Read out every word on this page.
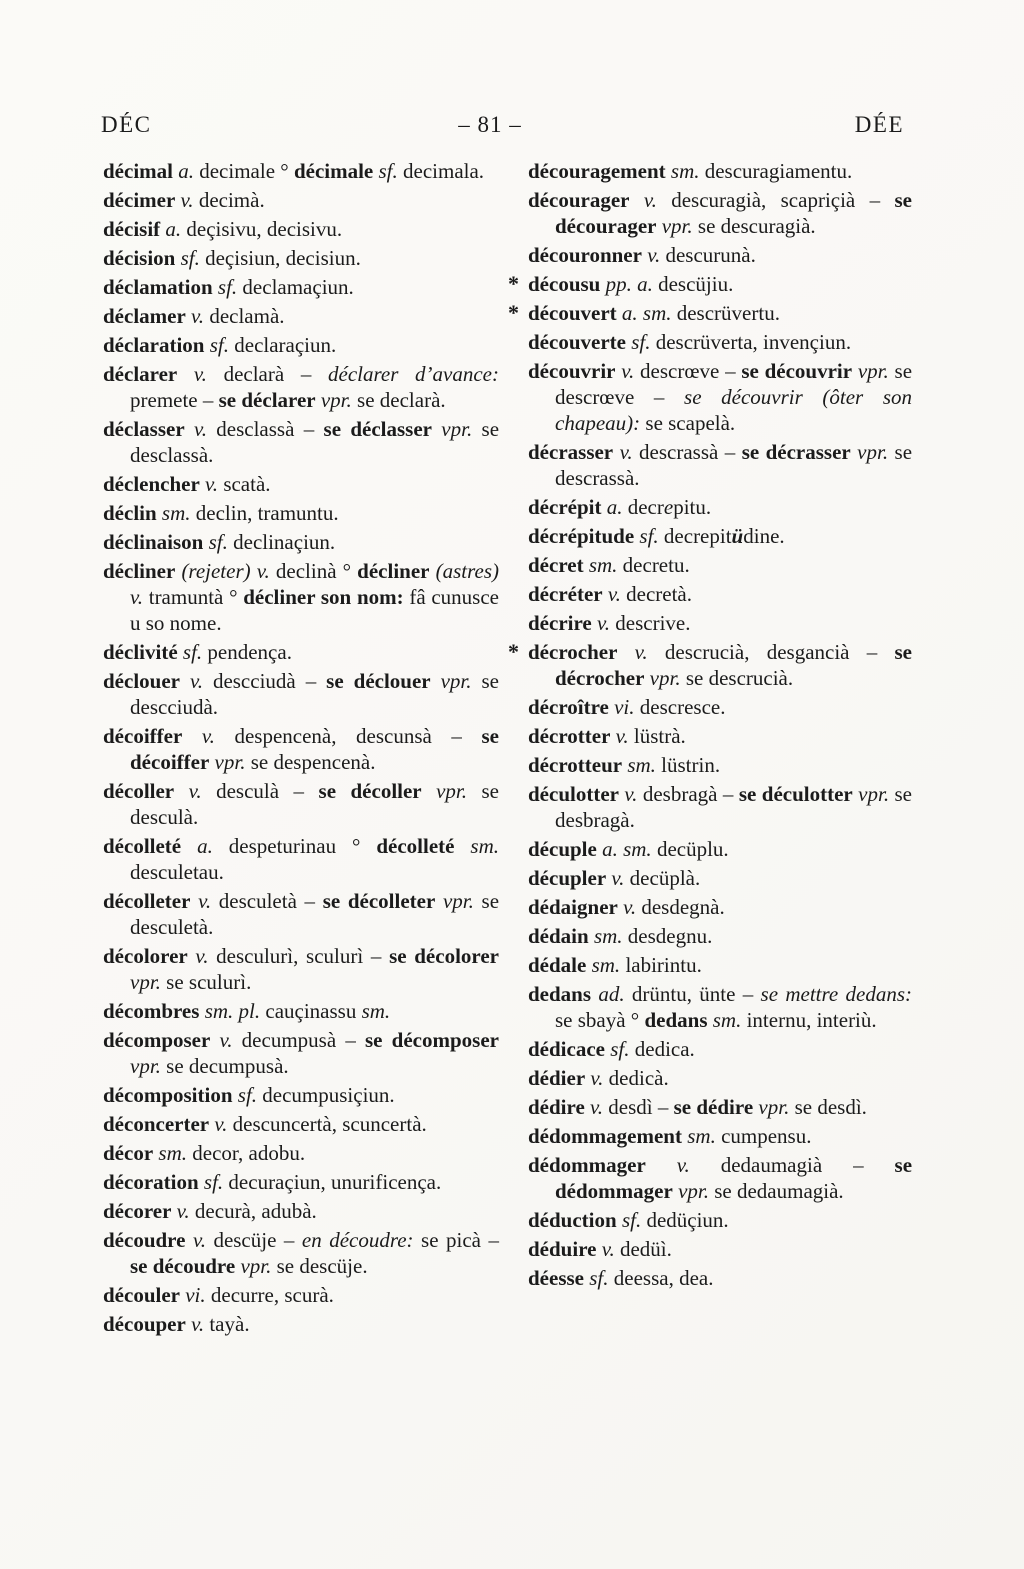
DÉC	– 81 –	DÉE
décimal a. decimale ° décimale sf. decimala.
décimer v. decimà.
décisif a. deçisivu, decisivu.
décision sf. deçisiun, decisiun.
déclamation sf. declamaçiun.
déclamer v. declamà.
déclaration sf. declaraçiun.
déclarer v. declarà – déclarer d’avance: premete – se déclarer vpr. se declarà.
déclasser v. desclassà – se déclasser vpr. se desclassà.
déclencher v. scatà.
déclin sm. declin, tramuntu.
déclinaison sf. declinaçiun.
décliner (rejeter) v. declinà ° décliner (astres) v. tramuntà ° décliner son nom: fâ cunusce u so nome.
déclivité sf. pendença.
déclouer v. descciudà – se déclouer vpr. se descciudà.
décoiffer v. despencenà, descunsà – se décoiffer vpr. se despencenà.
décoller v. desculà – se décoller vpr. se desculà.
décolleté a. despeturinau ° décolleté sm. desculetau.
décolleter v. desculetà – se décolleter vpr. se desculetà.
décolorer v. desculurì, sculurì – se décolorer vpr. se sculurì.
décombres sm. pl. cauçinassu sm.
décomposer v. decumpusà – se décomposer vpr. se decumpusà.
décomposition sf. decumpusiçiun.
déconcerter v. descuncertà, scuncertà.
décor sm. decor, adobu.
décoration sf. decuraçiun, unurificença.
décorer v. decurà, adubà.
découdre v. descüje – en découdre: se picà – se découdre vpr. se descüje.
découler vi. decurre, scurà.
découper v. tayà.
découragement sm. descuragiamentu.
décourager v. descuragià, scapriçià – se décourager vpr. se descuragià.
découronner v. descurunà.
* décousu pp. a. descüjiu.
* découvert a. sm. descrüvertu.
découverte sf. descrüverta, invençiun.
découvrir v. descrœve – se découvrir vpr. se descrœve – se découvrir (ôter son chapeau): se scapelà.
décrasser v. descrassà – se décrasser vpr. se descrassà.
décrépit a. decrepitu.
décrépitude sf. decrepitüdine.
décret sm. decretu.
décréter v. decretà.
décrire v. descrive.
* décrocher v. descrucià, desgancià – se décrocher vpr. se descrucià.
décroître vi. descresce.
décrotter v. lüstrà.
décrotteur sm. lüstrin.
déculotter v. desbragà – se déculotter vpr. se desbragà.
décuple a. sm. decüplu.
décupler v. decüplà.
dédaigner v. desdegnà.
dédain sm. desdegnu.
dédale sm. labirintu.
dedans ad. drüntu, ünte – se mettre dedans: se sbayà ° dedans sm. internu, interiù.
dédicace sf. dedica.
dédier v. dedicà.
dédire v. desdì – se dédire vpr. se desdì.
dédommagement sm. cumpensu.
dédommager v. dedaumagià – se dédommager vpr. se dedaumagià.
déduction sf. dedüçiun.
déduire v. dedüì.
déesse sf. deessa, dea.
